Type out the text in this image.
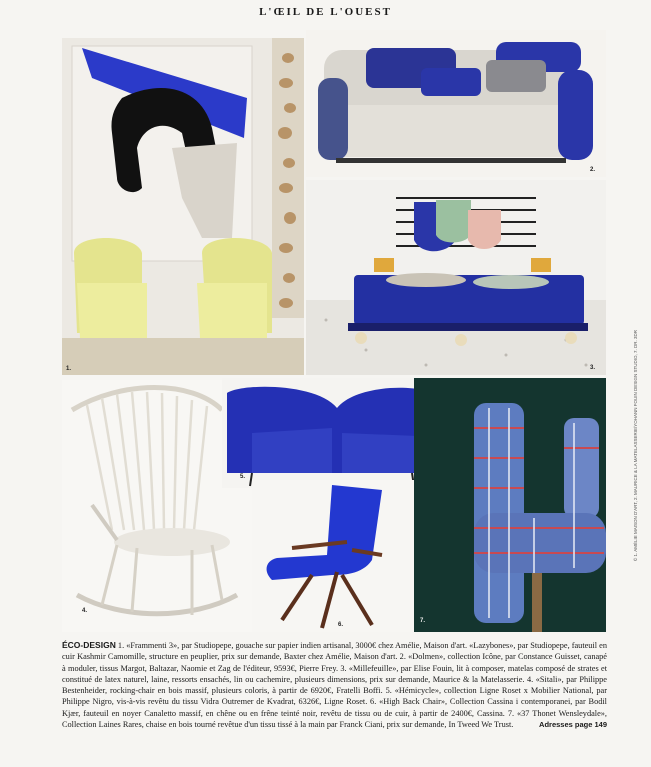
L'ŒIL DE L'OUEST
1.
2.
3.
4.
5.
6.
7.
ÉCO-DESIGN 1. «Frammenti 3», par Studiopepe, gouache sur papier indien artisanal, 3000€ chez Amélie, Maison d'art. «Lazybones», par Studiopepe, fauteuil en cuir Kashmir Camomille, structure en peuplier, prix sur demande, Baxter chez Amélie, Maison d'art. 2. «Dolmen», collection Icône, par Constance Guisset, canapé à moduler, tissus Margot, Baltazar, Naomie et Zag de l'éditeur, 9593€, Pierre Frey. 3. «Millefeuille», par Elise Fouin, lit à composer, matelas composé de strates et constitué de latex naturel, laine, ressorts ensachés, lin ou cachemire, plusieurs dimensions, prix sur demande, Maurice & la Matelasserie. 4. «Sitali», par Philippe Bestenheider, rocking-chair en bois massif, plusieurs coloris, à partir de 6920€, Fratelli Boffi. 5. «Hémicycle», collection Ligne Roset x Mobilier National, par Philippe Nigro, vis-à-vis revêtu du tissu Vidra Outremer de Kvadrat, 6326€, Ligne Roset. 6. «High Back Chair», Collection Cassina i contemporanei, par Bodil Kjær, fauteuil en noyer Canaletto massif, en chêne ou en frêne teinté noir, revêtu de tissu ou de cuir, à partir de 2400€, Cassina. 7. «37 Thonet Wensleydale», Collection Laines Rares, chaise en bois tourné revêtue d'un tissu tissé à la main par Franck Ciani, prix sur demande, In Tweed We Trust.	Adresses page 149
© 1. AMÉLIE MAISON D'ART, 2. MAURICE & LA MATELASSERIE/YOHANN FOUIN DESIGN STUDIO, 7. DR. 3DR
